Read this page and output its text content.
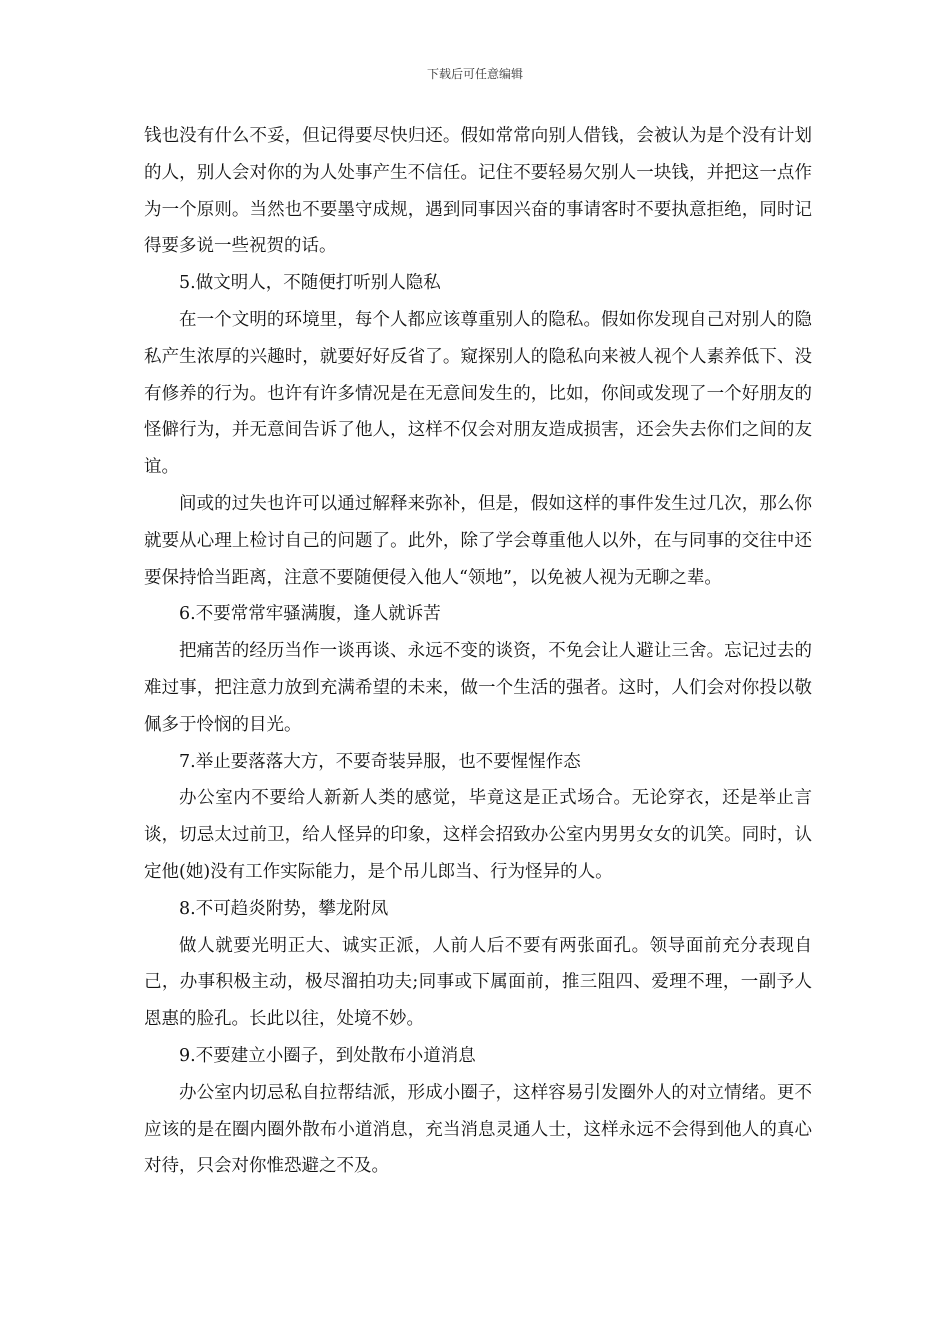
下载后可任意编辑

钱也没有什么不妥，但记得要尽快归还。假如常常向别人借钱，会被认为是个没有计划的人，别人会对你的为人处事产生不信任。记住不要轻易欠别人一块钱，并把这一点作为一个原则。当然也不要墨守成规，遇到同事因兴奋的事请客时不要执意拒绝，同时记得要多说一些祝贺的话。

5.做文明人，不随便打听别人隐私

在一个文明的环境里，每个人都应该尊重别人的隐私。假如你发现自己对别人的隐私产生浓厚的兴趣时，就要好好反省了。窥探别人的隐私向来被人视个人素养低下、没有修养的行为。也许有许多情况是在无意间发生的，比如，你间或发现了一个好朋友的怪僻行为，并无意间告诉了他人，这样不仅会对朋友造成损害，还会失去你们之间的友谊。

间或的过失也许可以通过解释来弥补，但是，假如这样的事件发生过几次，那么你就要从心理上检讨自己的问题了。此外，除了学会尊重他人以外，在与同事的交往中还要保持恰当距离，注意不要随便侵入他人“领地”，以免被人视为无聊之辈。

6.不要常常牢骚满腹，逢人就诉苦

把痛苦的经历当作一谈再谈、永远不变的谈资，不免会让人避让三舍。忘记过去的难过事，把注意力放到充满希望的未来，做一个生活的强者。这时，人们会对你投以敬佩多于怜悯的目光。

7.举止要落落大方，不要奇装异服，也不要惺惺作态

办公室内不要给人新新人类的感觉，毕竟这是正式场合。无论穿衣，还是举止言谈，切忌太过前卫，给人怪异的印象，这样会招致办公室内男男女女的讥笑。同时，认定他(她)没有工作实际能力，是个吊儿郎当、行为怪异的人。

8.不可趋炎附势，攀龙附凤

做人就要光明正大、诚实正派，人前人后不要有两张面孔。领导面前充分表现自己，办事积极主动，极尽溜拍功夫;同事或下属面前，推三阻四、爱理不理，一副予人恩惠的脸孔。长此以往，处境不妙。

9.不要建立小圈子，到处散布小道消息

办公室内切忌私自拉帮结派，形成小圈子，这样容易引发圈外人的对立情绪。更不应该的是在圈内圈外散布小道消息，充当消息灵通人士，这样永远不会得到他人的真心对待，只会对你惟恐避之不及。
